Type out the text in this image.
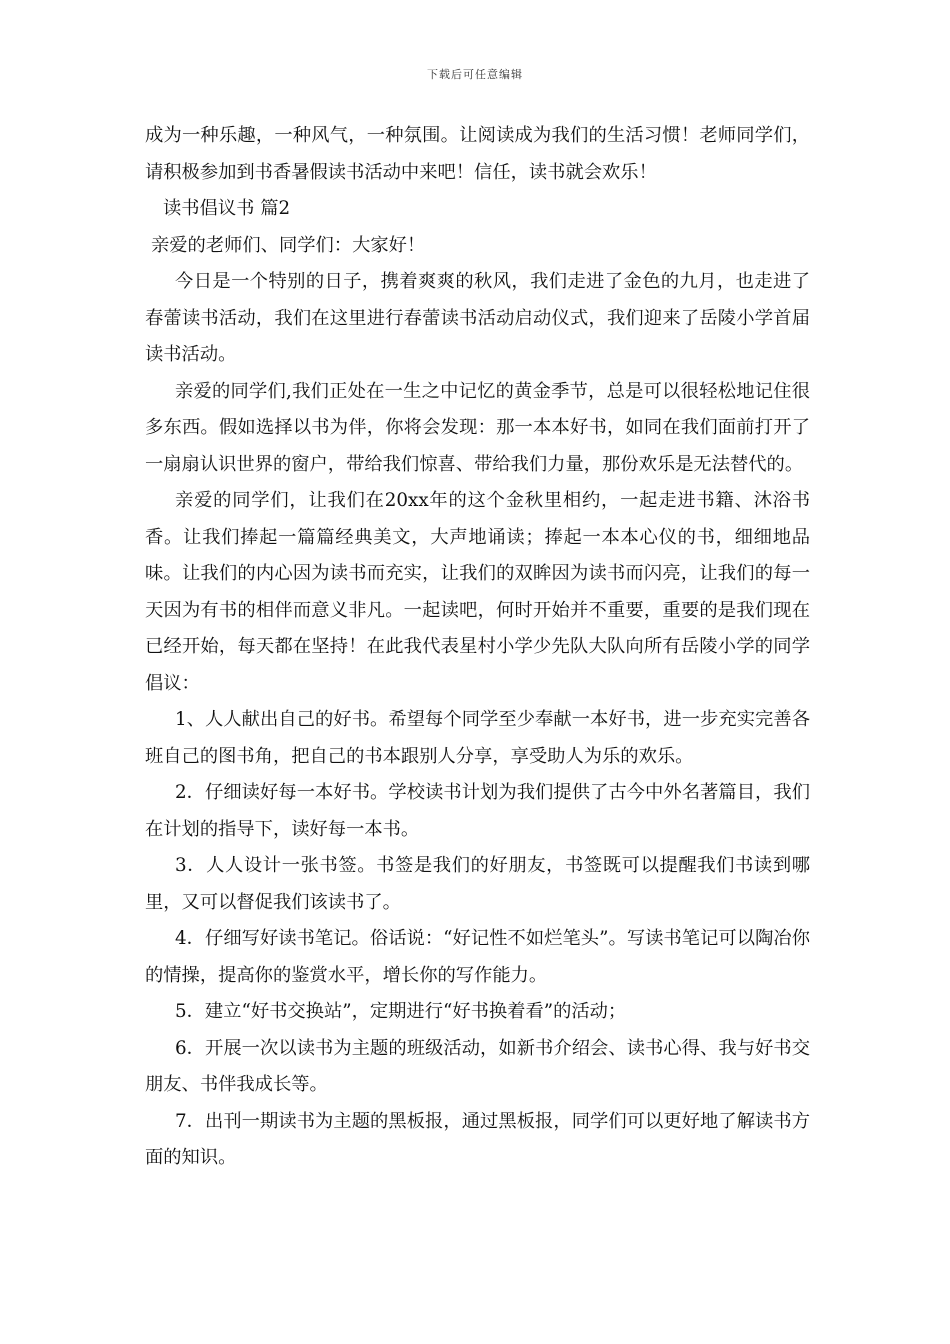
下载后可任意编辑

成为一种乐趣，一种风气，一种氛围。让阅读成为我们的生活习惯！老师同学们，请积极参加到书香暑假读书活动中来吧！信任，读书就会欢乐！

读书倡议书 篇2

亲爱的老师们、同学们：大家好！

今日是一个特别的日子，携着爽爽的秋风，我们走进了金色的九月，也走进了春蕾读书活动，我们在这里进行春蕾读书活动启动仪式，我们迎来了岳陵小学首届读书活动。

亲爱的同学们,我们正处在一生之中记忆的黄金季节，总是可以很轻松地记住很多东西。假如选择以书为伴，你将会发现：那一本本好书，如同在我们面前打开了一扇扇认识世界的窗户，带给我们惊喜、带给我们力量，那份欢乐是无法替代的。

亲爱的同学们，让我们在20xx年的这个金秋里相约，一起走进书籍、沐浴书香。让我们捧起一篇篇经典美文，大声地诵读；捧起一本本心仪的书，细细地品味。让我们的内心因为读书而充实，让我们的双眸因为读书而闪亮，让我们的每一天因为有书的相伴而意义非凡。一起读吧，何时开始并不重要，重要的是我们现在已经开始，每天都在坚持！在此我代表星村小学少先队大队向所有岳陵小学的同学倡议：

1、人人献出自己的好书。希望每个同学至少奉献一本好书，进一步充实完善各班自己的图书角，把自己的书本跟别人分享，享受助人为乐的欢乐。

2．仔细读好每一本好书。学校读书计划为我们提供了古今中外名著篇目，我们在计划的指导下，读好每一本书。

3．人人设计一张书签。书签是我们的好朋友，书签既可以提醒我们书读到哪里，又可以督促我们该读书了。

4．仔细写好读书笔记。俗话说：“好记性不如烂笔头”。写读书笔记可以陶冶你的情操，提高你的鉴赏水平，增长你的写作能力。

5．建立“好书交换站”，定期进行“好书换着看”的活动；

6．开展一次以读书为主题的班级活动，如新书介绍会、读书心得、我与好书交朋友、书伴我成长等。

7．出刊一期读书为主题的黑板报，通过黑板报，同学们可以更好地了解读书方面的知识。
